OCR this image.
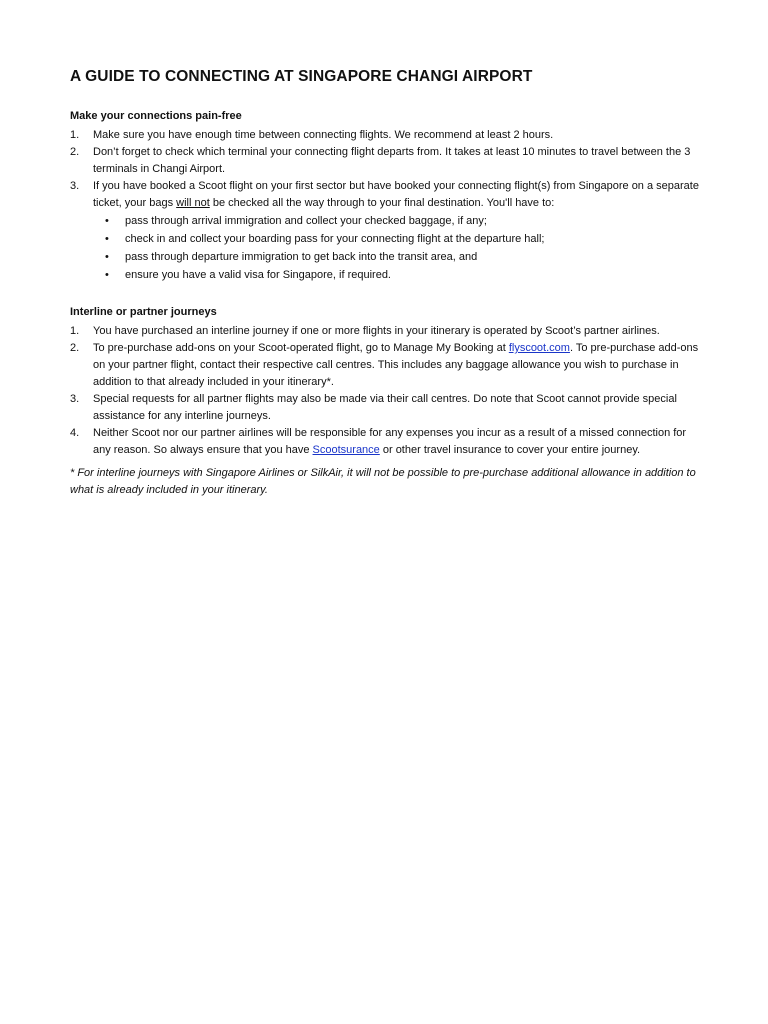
A GUIDE TO CONNECTING AT SINGAPORE CHANGI AIRPORT
Make your connections pain-free
1. Make sure you have enough time between connecting flights. We recommend at least 2 hours.
2. Don’t forget to check which terminal your connecting flight departs from. It takes at least 10 minutes to travel between the 3 terminals in Changi Airport.
3. If you have booked a Scoot flight on your first sector but have booked your connecting flight(s) from Singapore on a separate ticket, your bags will not be checked all the way through to your final destination. You'll have to:
• pass through arrival immigration and collect your checked baggage, if any;
• check in and collect your boarding pass for your connecting flight at the departure hall;
• pass through departure immigration to get back into the transit area, and
• ensure you have a valid visa for Singapore, if required.
Interline or partner journeys
1. You have purchased an interline journey if one or more flights in your itinerary is operated by Scoot’s partner airlines.
2. To pre-purchase add-ons on your Scoot-operated flight, go to Manage My Booking at flyscoot.com. To pre-purchase add-ons on your partner flight, contact their respective call centres. This includes any baggage allowance you wish to purchase in addition to that already included in your itinerary*.
3. Special requests for all partner flights may also be made via their call centres. Do note that Scoot cannot provide special assistance for any interline journeys.
4. Neither Scoot nor our partner airlines will be responsible for any expenses you incur as a result of a missed connection for any reason. So always ensure that you have Scootsurance or other travel insurance to cover your entire journey.
* For interline journeys with Singapore Airlines or SilkAir, it will not be possible to pre-purchase additional allowance in addition to what is already included in your itinerary.
